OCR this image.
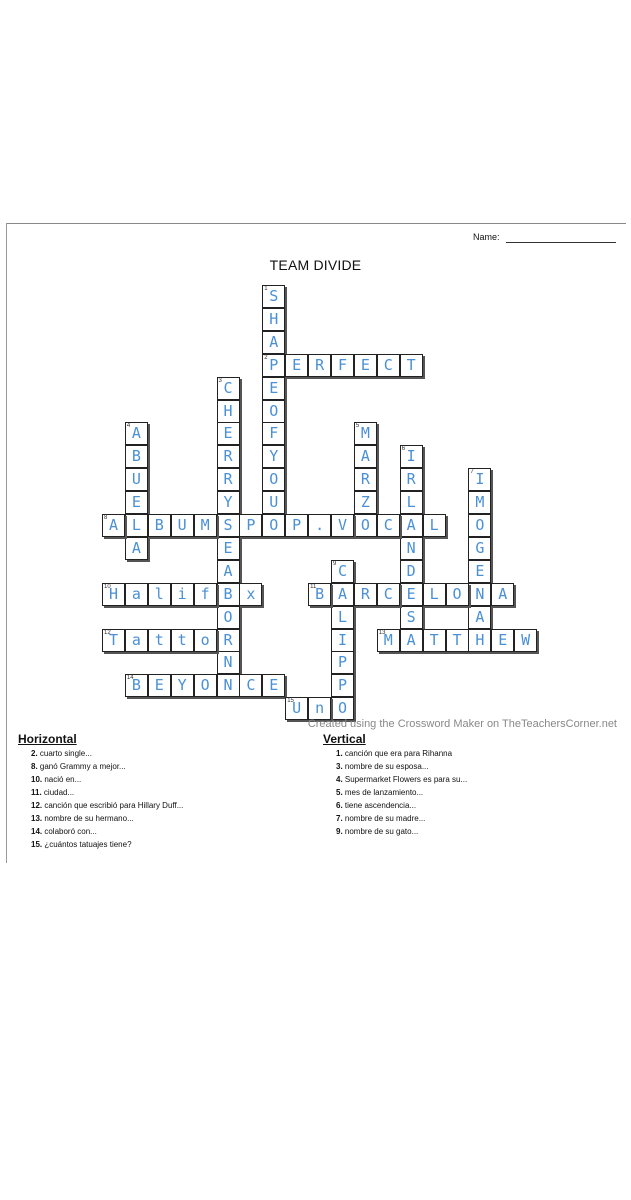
Name:
TEAM DIVIDE
1 S
H
A
2 P
E
O
F
Y
O
U
E R F E C T
3 C
H
E
R
R
Y
S
E
A
B
O
R
N
4 A
B
U
E
L
A
5 M
A
R
Z
O
6 I
R
L
A
N
D
E
S
7 I
M
O
G
E
N
A
8 A	B U M	P O P . V	C	L
9 C
A
L
I
P
P
O
10
H a l i f	x	11
B	R C	L O	A
12
T a t t o	13
M A T T H E W
14
B E Y O N C E
15
U n
Created using the Crossword Maker on TheTeachersCorner.net
Horizontal
2. cuarto single...
8. ganó Grammy a mejor...
10. nació en...
11. ciudad...
12. canción que escribió para Hillary Duff...
13. nombre de su hermano...
14. colaboró con...
15. ¿cuántos tatuajes tiene?
Vertical
1. canción que era para Rihanna
3. nombre de su esposa...
4. Supermarket Flowers es para su...
5. mes de lanzamiento...
6. tiene ascendencia...
7. nombre de su madre...
9. nombre de su gato...
